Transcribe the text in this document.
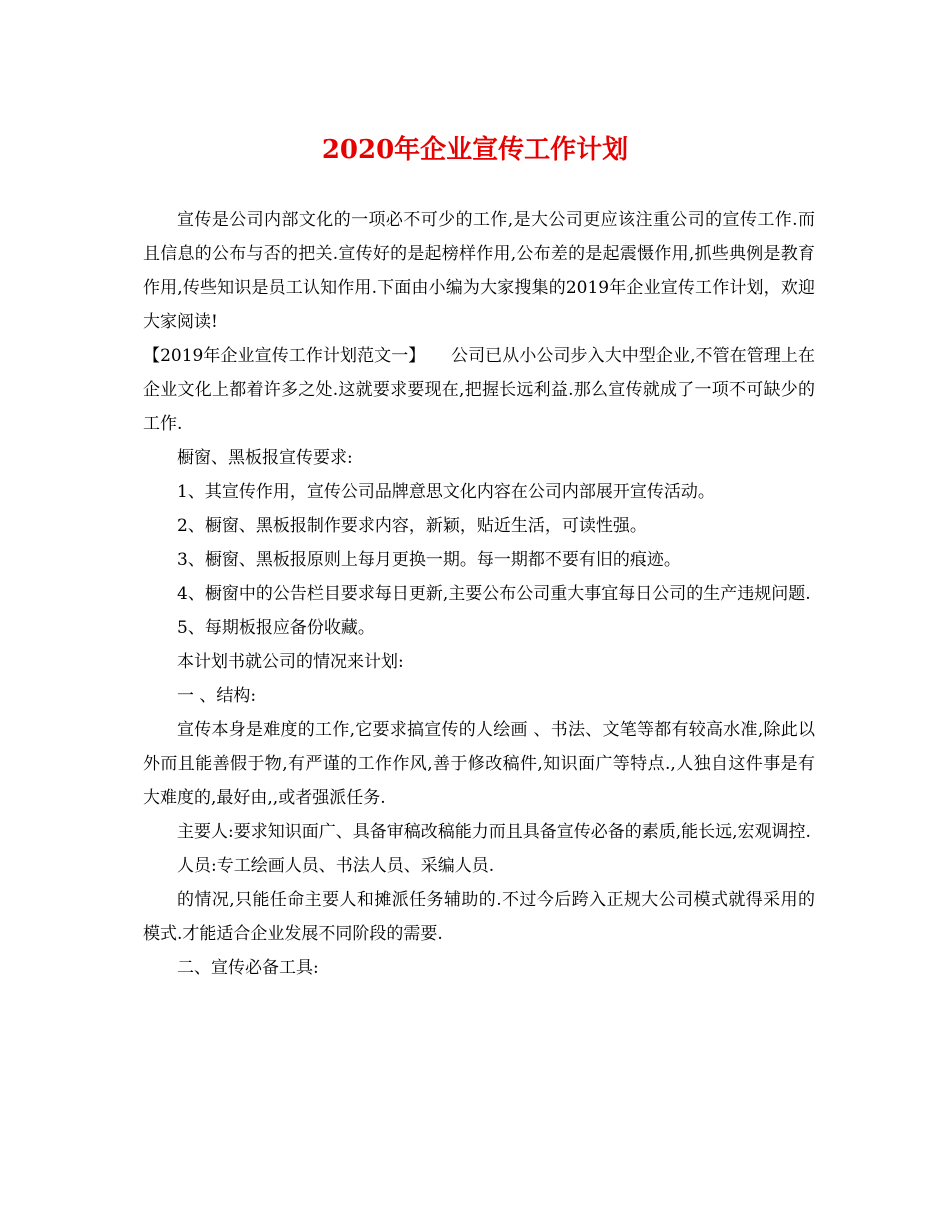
2020年企业宣传工作计划

宣传是公司内部文化的一项必不可少的工作,是大公司更应该注重公司的宣传工作.而且信息的公布与否的把关.宣传好的是起榜样作用,公布差的是起震慑作用,抓些典例是教育作用,传些知识是员工认知作用.下面由小编为大家搜集的2019年企业宣传工作计划，欢迎大家阅读!

【2019年企业宣传工作计划范文一】　　公司已从小公司步入大中型企业,不管在管理上在企业文化上都着许多之处.这就要求要现在,把握长远利益.那么宣传就成了一项不可缺少的工作.

橱窗、黑板报宣传要求:

1、其宣传作用，宣传公司品牌意思文化内容在公司内部展开宣传活动。

2、橱窗、黑板报制作要求内容，新颖，贴近生活，可读性强。

3、橱窗、黑板报原则上每月更换一期。每一期都不要有旧的痕迹。

4、橱窗中的公告栏目要求每日更新,主要公布公司重大事宜每日公司的生产违规问题.

5、每期板报应备份收藏。

本计划书就公司的情况来计划:

一 、结构:

宣传本身是难度的工作,它要求搞宣传的人绘画 、书法、文笔等都有较高水准,除此以外而且能善假于物,有严谨的工作作风,善于修改稿件,知识面广等特点.,人独自这件事是有大难度的,最好由,,或者强派任务.

主要人:要求知识面广、具备审稿改稿能力而且具备宣传必备的素质,能长远,宏观调控.

人员:专工绘画人员、书法人员、采编人员.

的情况,只能任命主要人和摊派任务辅助的.不过今后跨入正规大公司模式就得采用的模式.才能适合企业发展不同阶段的需要.

二、宣传必备工具:
